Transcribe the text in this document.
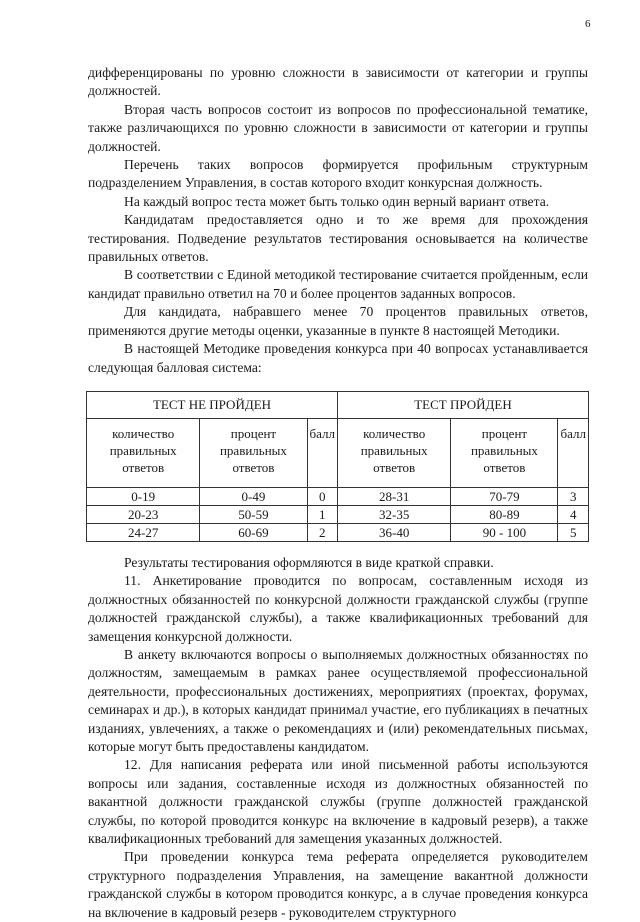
6

дифференцированы по уровню сложности в зависимости от категории и группы должностей.

Вторая часть вопросов состоит из вопросов по профессиональной тематике, также различающихся по уровню сложности в зависимости от категории и группы должностей.

Перечень таких вопросов формируется профильным структурным подразделением Управления, в состав которого входит конкурсная должность.

На каждый вопрос теста может быть только один верный вариант ответа.

Кандидатам предоставляется одно и то же время для прохождения тестирования. Подведение результатов тестирования основывается на количестве правильных ответов.

В соответствии с Единой методикой тестирование считается пройденным, если кандидат правильно ответил на 70 и более процентов заданных вопросов.

Для кандидата, набравшего менее 70 процентов правильных ответов, применяются другие методы оценки, указанные в пункте 8 настоящей Методики.

В настоящей Методике проведения конкурса при 40 вопросах устанавливается следующая балловая система:

ТЕСТ НЕ ПРОЙДЕН			ТЕСТ ПРОЙДЕН		
количество правильных ответов	процент правильных ответов	балл	количество правильных ответов	процент правильных ответов	балл
0-19	0-49	0	28-31	70-79	3
20-23	50-59	1	32-35	80-89	4
24-27	60-69	2	36-40	90 - 100	5

Результаты тестирования оформляются в виде краткой справки.

11. Анкетирование проводится по вопросам, составленным исходя из должностных обязанностей по конкурсной должности гражданской службы (группе должностей гражданской службы), а также квалификационных требований для замещения конкурсной должности.

В анкету включаются вопросы о выполняемых должностных обязанностях по должностям, замещаемым в рамках ранее осуществляемой профессиональной деятельности, профессиональных достижениях, мероприятиях (проектах, форумах, семинарах и др.), в которых кандидат принимал участие, его публикациях в печатных изданиях, увлечениях, а также о рекомендациях и (или) рекомендательных письмах, которые могут быть предоставлены кандидатом.

12. Для написания реферата или иной письменной работы используются вопросы или задания, составленные исходя из должностных обязанностей по вакантной должности гражданской службы (группе должностей гражданской службы, по которой проводится конкурс на включение в кадровый резерв), а также квалификационных требований для замещения указанных должностей.

При проведении конкурса тема реферата определяется руководителем структурного подразделения Управления, на замещение вакантной должности гражданской службы в котором проводится конкурс, а в случае проведения конкурса на включение в кадровый резерв - руководителем структурного
